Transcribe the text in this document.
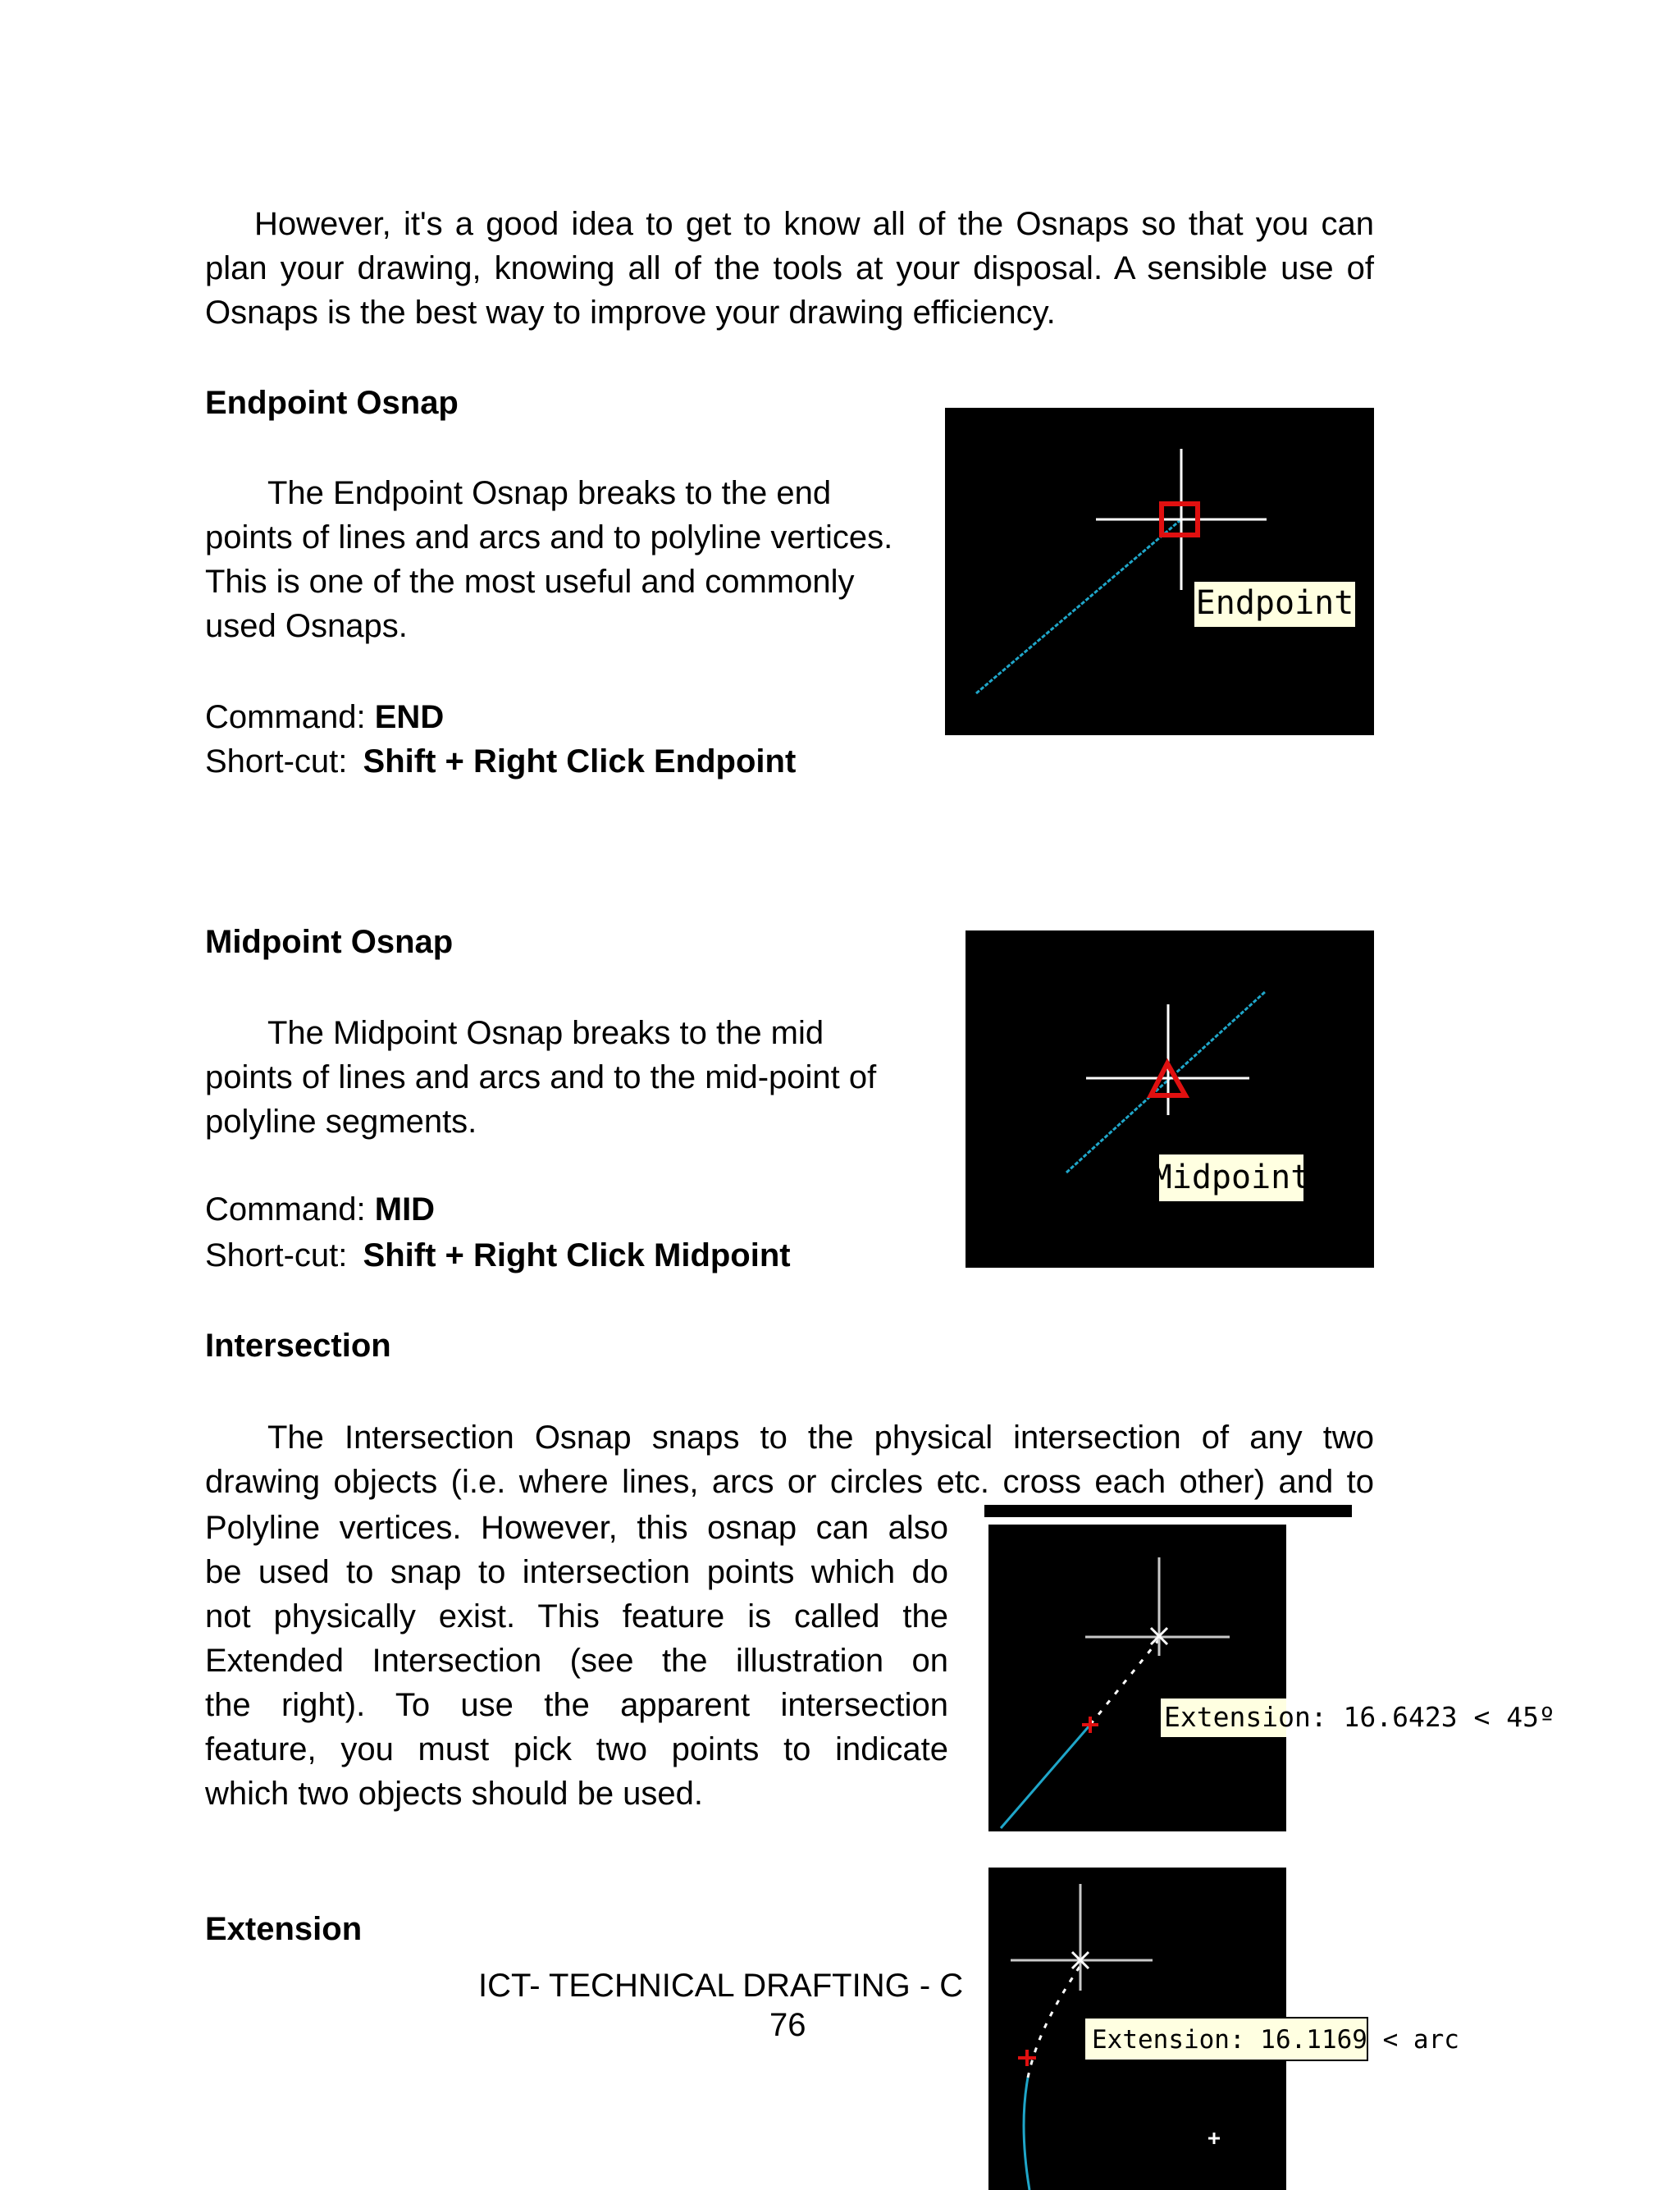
However, it's a good idea to get to know all of the Osnaps so that you can
plan your drawing, knowing all of the tools at your disposal. A sensible use of
Osnaps is the best way to improve your drawing efficiency.
Endpoint Osnap
The Endpoint Osnap breaks to the end
points of lines and arcs and to polyline vertices.
This is one of the most useful and commonly
used Osnaps.
Command: END
Short-cut: Shift + Right Click Endpoint
Endpoint
Midpoint Osnap
The Midpoint Osnap breaks to the mid
points of lines and arcs and to the mid-point of
polyline segments.
Command: MID
Short-cut: Shift + Right Click Midpoint
Midpoint
Intersection
The Intersection Osnap snaps to the physical intersection of any two
drawing objects (i.e. where lines, arcs or circles etc. cross each other) and to
Polyline vertices. However, this osnap can also
be used to snap to intersection points which do
not physically exist. This feature is called the
Extended Intersection (see the illustration on
the right). To use the apparent intersection
feature, you must pick two points to indicate
which two objects should be used.
Extension: 16.6423 < 45º
Extension
Extension: 16.1169 < arc
ICT- TECHNICAL DRAFTING - C
76
